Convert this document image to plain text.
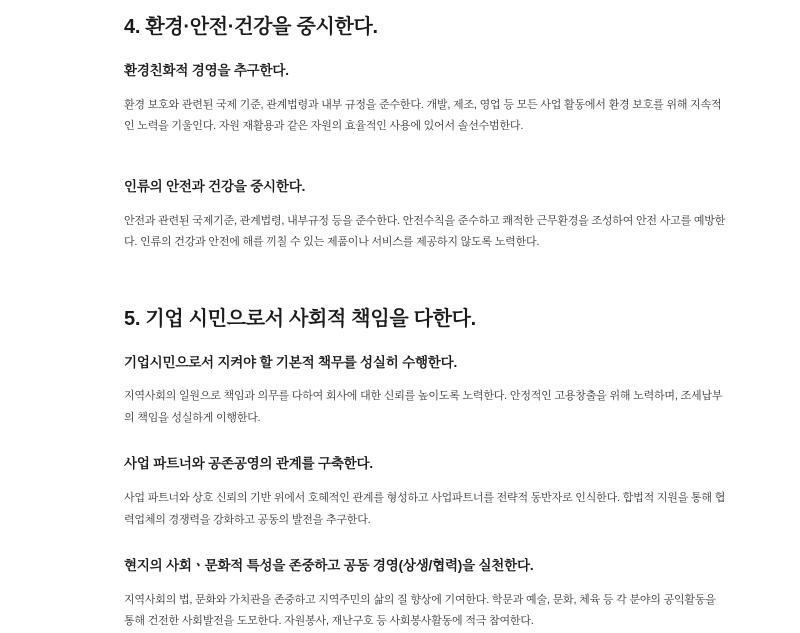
4. 환경·안전·건강을 중시한다.
환경친화적 경영을 추구한다.

환경 보호와 관련된 국제 기준, 관계법령과 내부 규정을 준수한다. 개발, 제조, 영업 등 모든 사업 활동에서 환경 보호를 위해 지속적인 노력을 기울인다. 자원 재활용과 같은 자원의 효율적인 사용에 있어서 솔선수범한다.

인류의 안전과 건강을 중시한다.

안전과 관련된 국제기준, 관계법령, 내부규정 등을 준수한다. 안전수칙을 준수하고 쾌적한 근무환경을 조성하여 안전 사고를 예방한다. 인류의 건강과 안전에 해를 끼칠 수 있는 제품이나 서비스를 제공하지 않도록 노력한다.

5. 기업 시민으로서 사회적 책임을 다한다.
기업시민으로서 지켜야 할 기본적 책무를 성실히 수행한다.

지역사회의 일원으로 책임과 의무를 다하여 회사에 대한 신뢰를 높이도록 노력한다. 안정적인 고용창출을 위해 노력하며, 조세납부의 책임을 성실하게 이행한다.

사업 파트너와 공존공영의 관계를 구축한다.

사업 파트너와 상호 신뢰의 기반 위에서 호혜적인 관계를 형성하고 사업파트너를 전략적 동반자로 인식한다. 합법적 지원을 통해 협력업체의 경쟁력을 강화하고 공동의 발전을 추구한다.

현지의 사회ㆍ문화적 특성을 존중하고 공동 경영(상생/협력)을 실천한다.

지역사회의 법, 문화와 가치관을 존중하고 지역주민의 삶의 질 향상에 기여한다. 학문과 예술, 문화, 체육 등 각 분야의 공익활동을 통해 건전한 사회발전을 도모한다. 자원봉사, 재난구호 등 사회봉사활동에 적극 참여한다.
